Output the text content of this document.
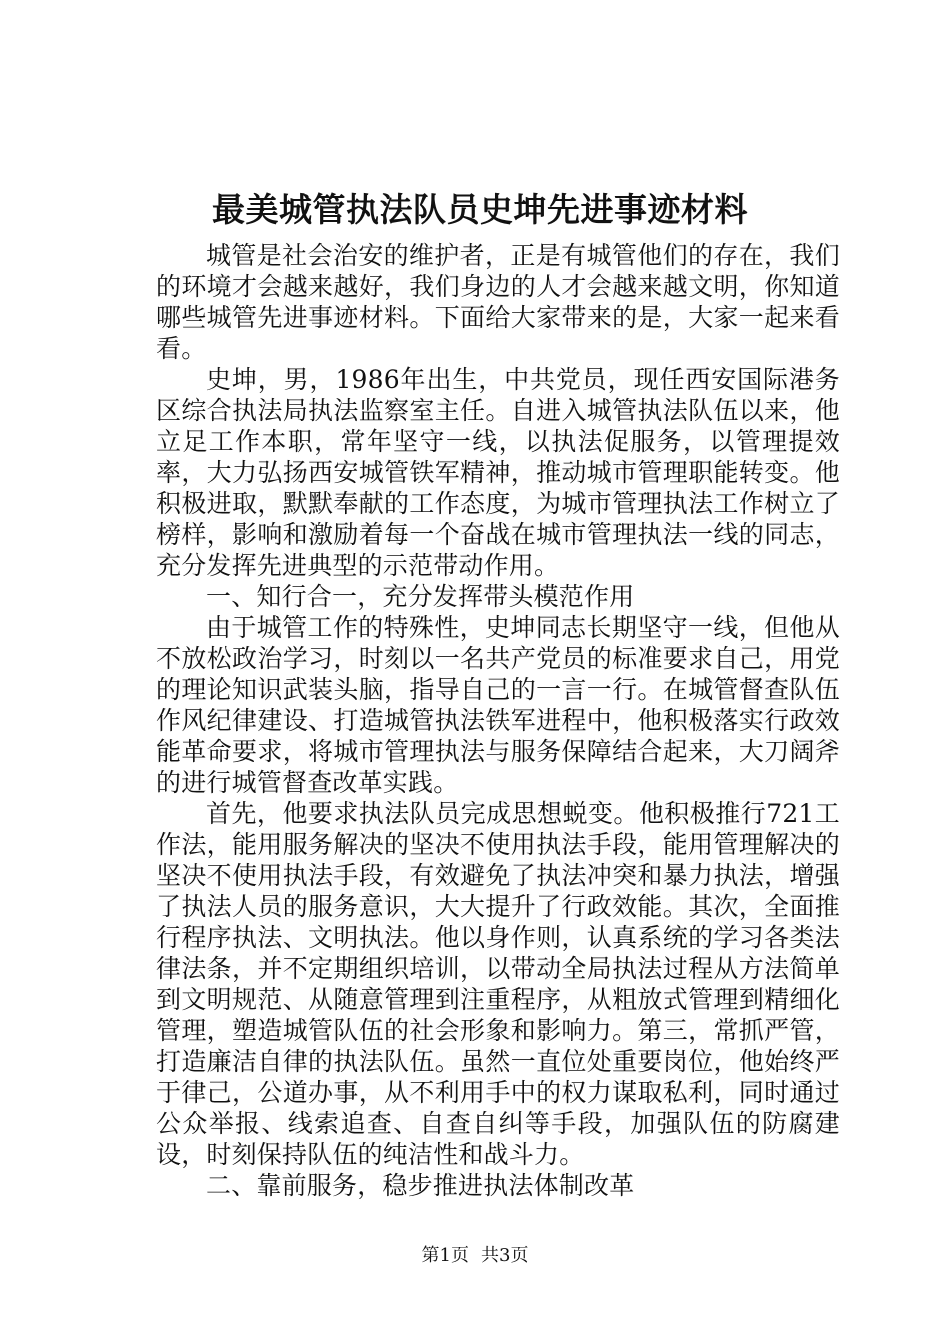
最美城管执法队员史坤先进事迹材料

城管是社会治安的维护者，正是有城管他们的存在，我们的环境才会越来越好，我们身边的人才会越来越文明，你知道哪些城管先进事迹材料。下面给大家带来的是，大家一起来看看。

史坤，男，1986年出生，中共党员，现任西安国际港务区综合执法局执法监察室主任。自进入城管执法队伍以来，他立足工作本职，常年坚守一线，以执法促服务，以管理提效率，大力弘扬西安城管铁军精神，推动城市管理职能转变。他积极进取，默默奉献的工作态度，为城市管理执法工作树立了榜样，影响和激励着每一个奋战在城市管理执法一线的同志，充分发挥先进典型的示范带动作用。

一、知行合一，充分发挥带头模范作用

由于城管工作的特殊性，史坤同志长期坚守一线，但他从不放松政治学习，时刻以一名共产党员的标准要求自己，用党的理论知识武装头脑，指导自己的一言一行。在城管督查队伍作风纪律建设、打造城管执法铁军进程中，他积极落实行政效能革命要求，将城市管理执法与服务保障结合起来，大刀阔斧的进行城管督查改革实践。

首先，他要求执法队员完成思想蜕变。他积极推行721工作法，能用服务解决的坚决不使用执法手段，能用管理解决的坚决不使用执法手段，有效避免了执法冲突和暴力执法，增强了执法人员的服务意识，大大提升了行政效能。其次，全面推行程序执法、文明执法。他以身作则，认真系统的学习各类法律法条，并不定期组织培训，以带动全局执法过程从方法简单到文明规范、从随意管理到注重程序，从粗放式管理到精细化管理，塑造城管队伍的社会形象和影响力。第三，常抓严管，打造廉洁自律的执法队伍。虽然一直位处重要岗位，他始终严于律己，公道办事，从不利用手中的权力谋取私利，同时通过公众举报、线索追查、自查自纠等手段，加强队伍的防腐建设，时刻保持队伍的纯洁性和战斗力。

二、靠前服务，稳步推进执法体制改革

第1页 共3页
